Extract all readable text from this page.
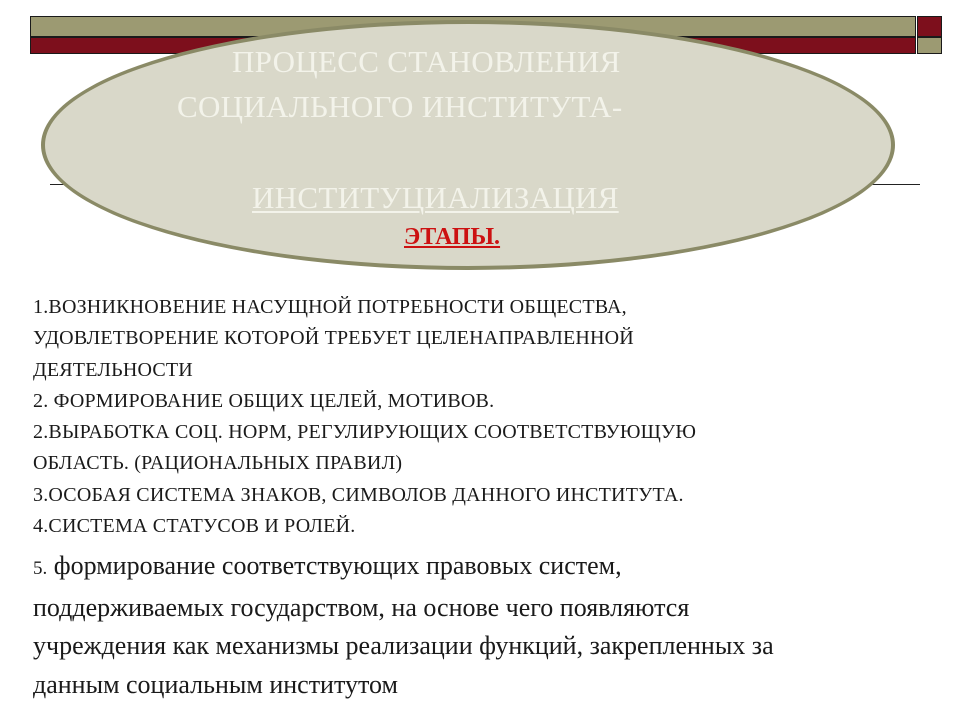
ПРОЦЕСС СТАНОВЛЕНИЯ
СОЦИАЛЬНОГО ИНСТИТУТА-
ИНСТИТУЦИАЛИЗАЦИЯ
ЭТАПЫ.
1.ВОЗНИКНОВЕНИЕ НАСУЩНОЙ ПОТРЕБНОСТИ ОБЩЕСТВА,
УДОВЛЕТВОРЕНИЕ КОТОРОЙ ТРЕБУЕТ ЦЕЛЕНАПРАВЛЕННОЙ
ДЕЯТЕЛЬНОСТИ
2. ФОРМИРОВАНИЕ ОБЩИХ ЦЕЛЕЙ, МОТИВОВ.
2.ВЫРАБОТКА СОЦ. НОРМ, РЕГУЛИРУЮЩИХ СООТВЕТСТВУЮЩУЮ
ОБЛАСТЬ. (РАЦИОНАЛЬНЫХ ПРАВИЛ)
3.ОСОБАЯ СИСТЕМА ЗНАКОВ, СИМВОЛОВ ДАННОГО ИНСТИТУТА.
4.СИСТЕМА СТАТУСОВ И РОЛЕЙ.
5. формирование соответствующих правовых систем,
поддерживаемых государством, на основе чего появляются
учреждения как механизмы реализации функций, закрепленных за
данным социальным институтом
